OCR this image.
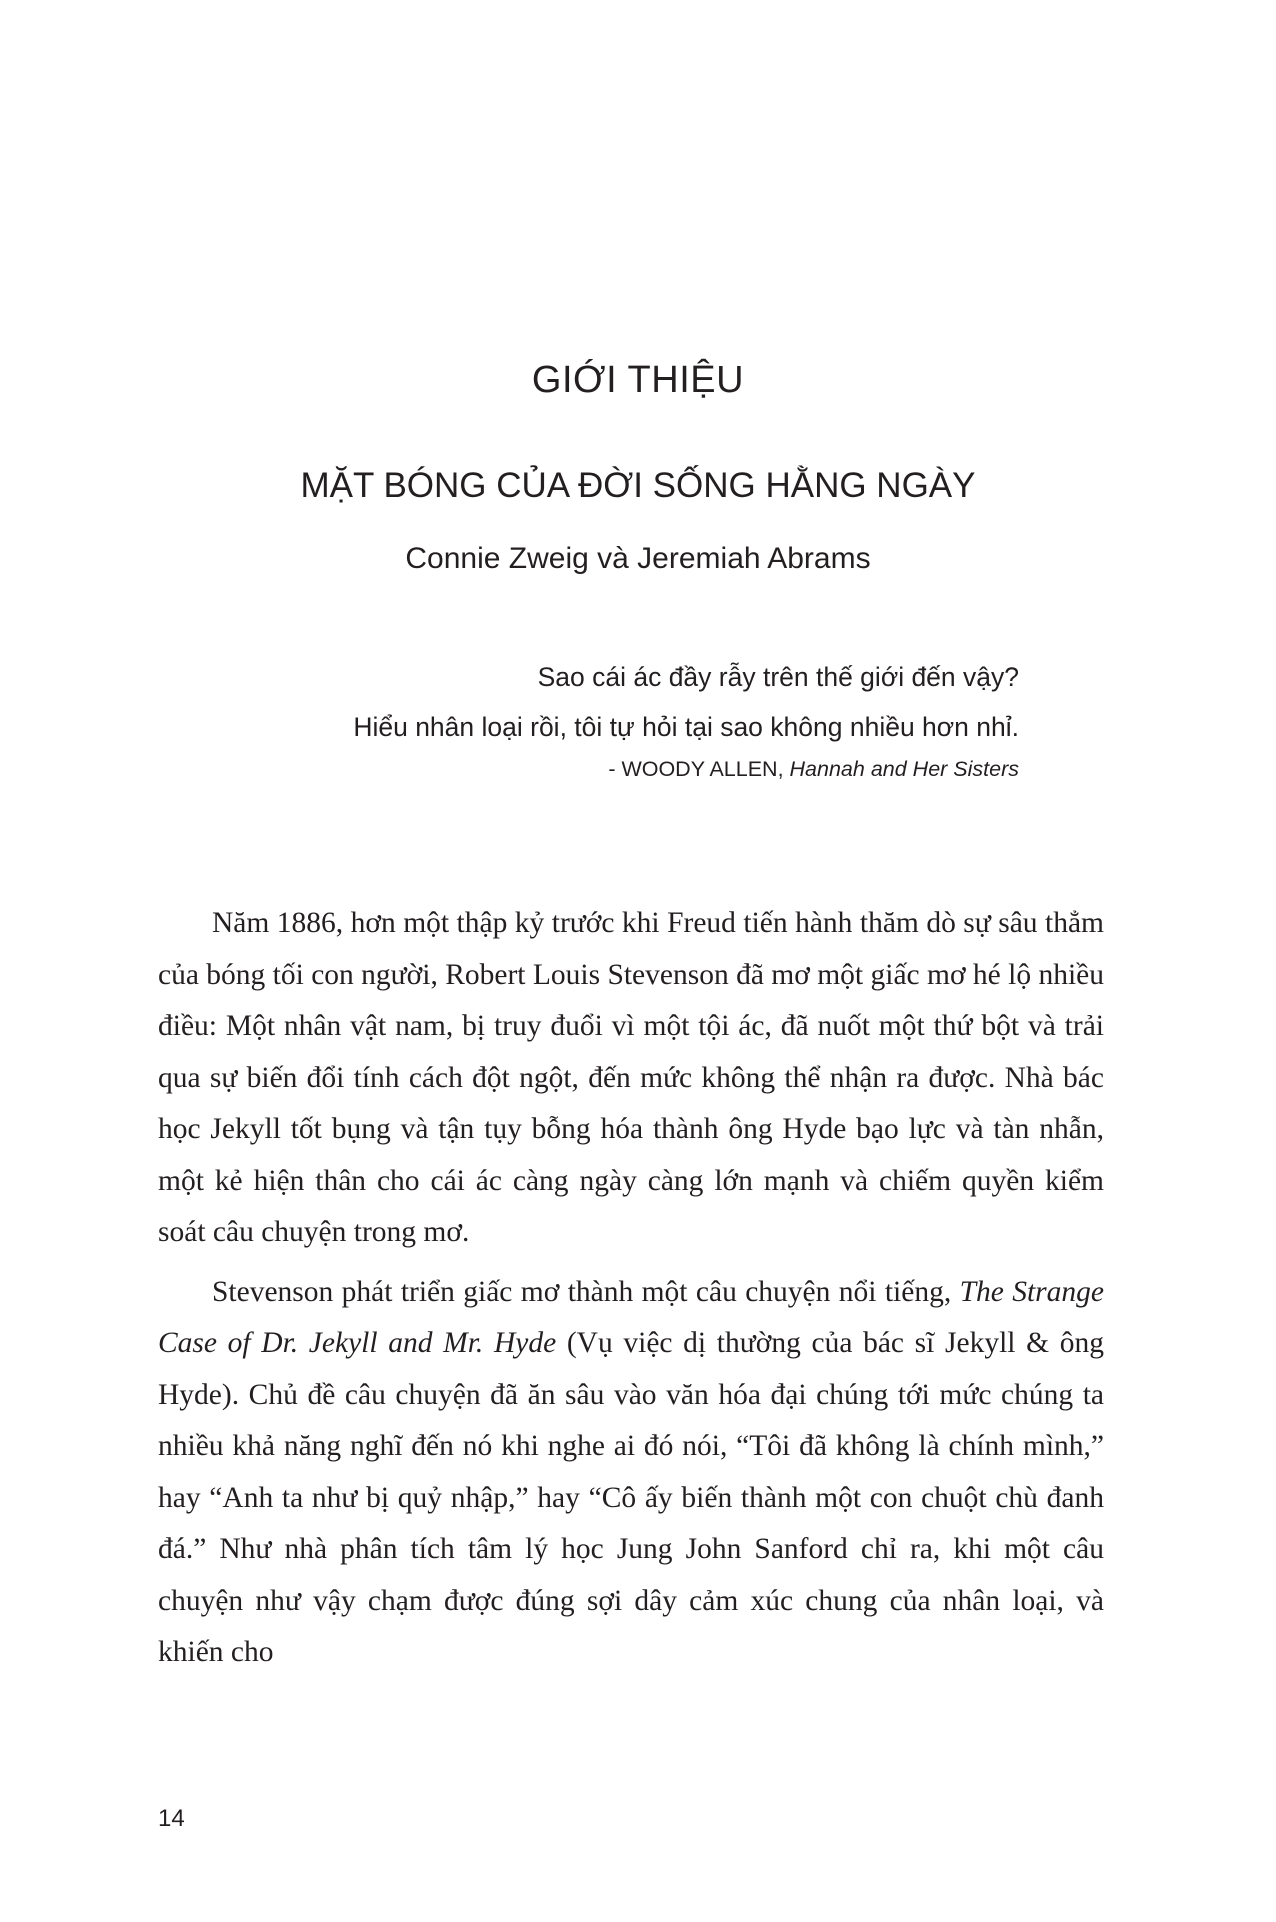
GIỚI THIỆU
MẶT BÓNG CỦA ĐỜI SỐNG HẰNG NGÀY
Connie Zweig và Jeremiah Abrams
Sao cái ác đầy rẫy trên thế giới đến vậy?
Hiểu nhân loại rồi, tôi tự hỏi tại sao không nhiều hơn nhỉ.
- WOODY ALLEN, Hannah and Her Sisters

Năm 1886, hơn một thập kỷ trước khi Freud tiến hành thăm dò sự sâu thẳm của bóng tối con người, Robert Louis Stevenson đã mơ một giấc mơ hé lộ nhiều điều: Một nhân vật nam, bị truy đuổi vì một tội ác, đã nuốt một thứ bột và trải qua sự biến đổi tính cách đột ngột, đến mức không thể nhận ra được. Nhà bác học Jekyll tốt bụng và tận tụy bỗng hóa thành ông Hyde bạo lực và tàn nhẫn, một kẻ hiện thân cho cái ác càng ngày càng lớn mạnh và chiếm quyền kiểm soát câu chuyện trong mơ.

Stevenson phát triển giấc mơ thành một câu chuyện nổi tiếng, The Strange Case of Dr. Jekyll and Mr. Hyde (Vụ việc dị thường của bác sĩ Jekyll & ông Hyde). Chủ đề câu chuyện đã ăn sâu vào văn hóa đại chúng tới mức chúng ta nhiều khả năng nghĩ đến nó khi nghe ai đó nói, “Tôi đã không là chính mình,” hay “Anh ta như bị quỷ nhập,” hay “Cô ấy biến thành một con chuột chù đanh đá.” Như nhà phân tích tâm lý học Jung John Sanford chỉ ra, khi một câu chuyện như vậy chạm được đúng sợi dây cảm xúc chung của nhân loại, và khiến cho

14
